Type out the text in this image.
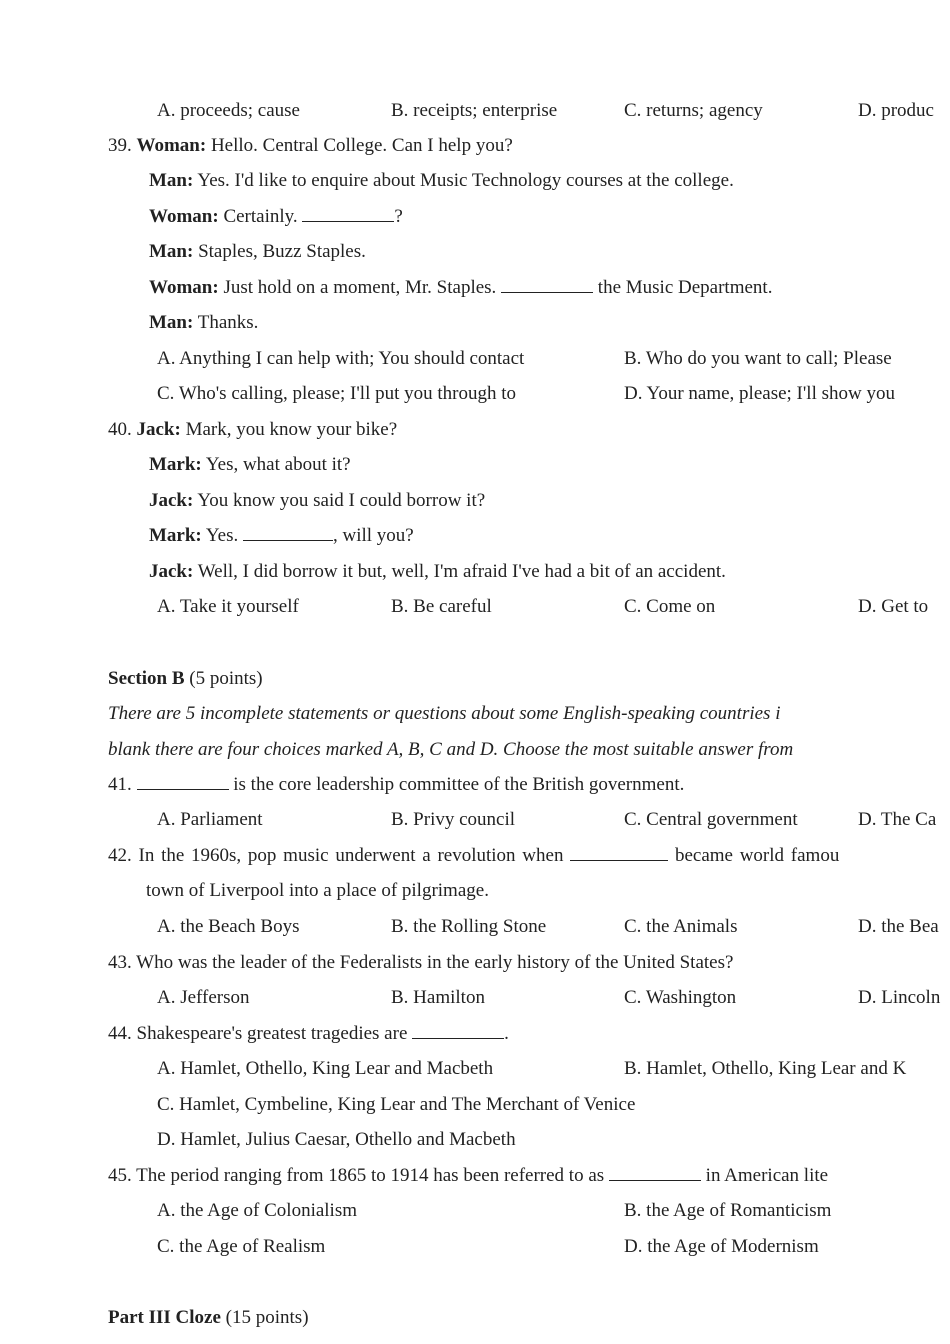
A. proceeds; cause	B. receipts; enterprise	C. returns; agency	D. produc
39. Woman: Hello. Central College. Can I help you?
Man: Yes. I'd like to enquire about Music Technology courses at the college.
Woman: Certainly.	?
Man: Staples, Buzz Staples.
Woman: Just hold on a moment, Mr. Staples.	the Music Department.
Man: Thanks.
A. Anything I can help with; You should contact	B. Who do you want to call; Please
C. Who's calling, please; I'll put you through to	D. Your name, please; I'll show you
40. Jack: Mark, you know your bike?
Mark: Yes, what about it?
Jack: You know you said I could borrow it?
Mark: Yes.	, will you?
Jack: Well, I did borrow it but, well, I'm afraid I've had a bit of an accident.
A. Take it yourself	B. Be careful	C. Come on	D. Get to
Section B (5 points)
There are 5 incomplete statements or questions about some English-speaking countries i
blank there are four choices marked A, B, C and D. Choose the most suitable answer from
41.	is the core leadership committee of the British government.
A. Parliament	B. Privy council	C. Central government	D. The Ca
42. In the 1960s, pop music underwent a revolution when	became world famou
town of Liverpool into a place of pilgrimage.
A. the Beach Boys	B. the Rolling Stone	C. the Animals	D. the Bea
43. Who was the leader of the Federalists in the early history of the United States?
A. Jefferson	B. Hamilton	C. Washington	D. Lincoln
44. Shakespeare's greatest tragedies are	.
A. Hamlet, Othello, King Lear and Macbeth	B. Hamlet, Othello, King Lear and K
C. Hamlet, Cymbeline, King Lear and The Merchant of Venice
D. Hamlet, Julius Caesar, Othello and Macbeth
45. The period ranging from 1865 to 1914 has been referred to as	in American lite
A. the Age of Colonialism	B. the Age of Romanticism
C. the Age of Realism	D. the Age of Modernism
Part III Cloze (15 points)
